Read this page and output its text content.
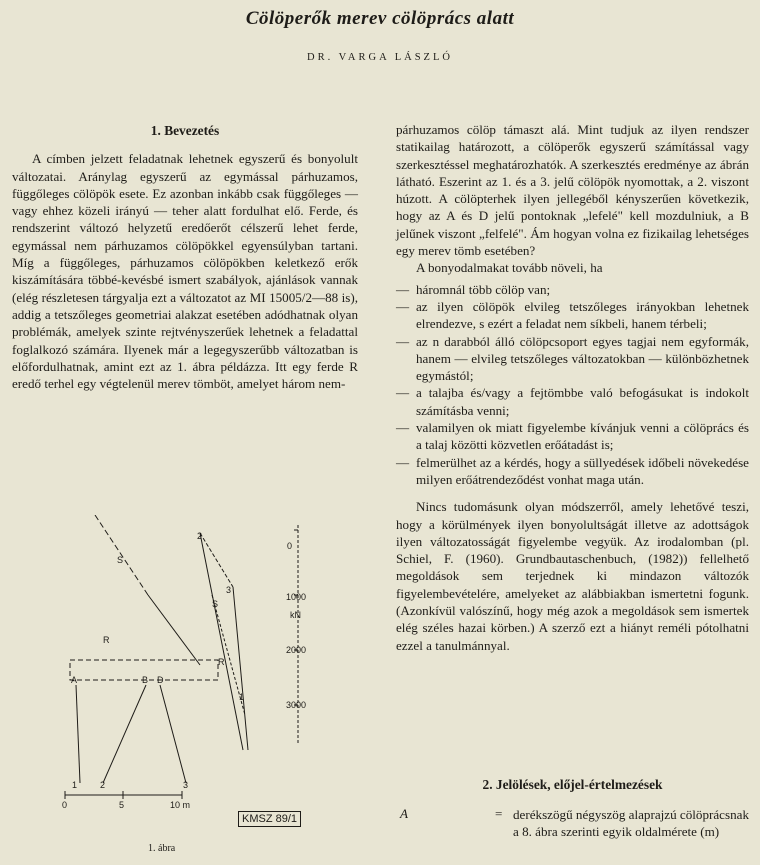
Cölöperők merev cölöprács alatt
DR. VARGA LÁSZLÓ
1. Bevezetés

A címben jelzett feladatnak lehetnek egyszerű és bonyolult változatai. Aránylag egyszerű az egymással párhuzamos, függőleges cölöpök esete. Ez azonban inkább csak függőleges — vagy ehhez közeli irányú — teher alatt fordulhat elő. Ferde, és rendszerint változó helyzetű eredőerőt célszerű lehet ferde, egymással nem párhuzamos cölöpökkel egyensúlyban tartani. Míg a függőleges, párhuzamos cölöpökben keletkező erők kiszámítására többé-kevésbé ismert szabályok, ajánlások vannak (elég részletesen tárgyalja ezt a változatot az MI 15005/2—88 is), addig a tetszőleges geometriai alakzat esetében adódhatnak olyan problémák, amelyek szinte rejtvényszerűek lehetnek a feladattal foglalkozó számára. Ilyenek már a legegyszerűbb változatban is előfordulhatnak, amint ezt az 1. ábra példázza. Itt egy ferde R eredő terhel egy végtelenül merev tömböt, amelyet három nem-

párhuzamos cölöp támaszt alá. Mint tudjuk az ilyen rendszer statikailag határozott, a cölöperők egyszerű számítással vagy szerkesztéssel meghatározhatók. A szerkesztés eredménye az ábrán látható. Eszerint az 1. és a 3. jelű cölöpök nyomottak, a 2. viszont húzott. A cölöpterhek ilyen jellegéből kényszerűen következik, hogy az A és D jelű pontoknak „lefelé" kell mozdulniuk, a B jelűnek viszont „felfelé". Ám hogyan volna ez fizikailag lehetséges egy merev tömb esetében?

A bonyodalmakat tovább növeli, ha

— háromnál több cölöp van;
— az ilyen cölöpök elvileg tetszőleges irányokban lehetnek elrendezve, s ezért a feladat nem síkbeli, hanem térbeli;
— az n darabból álló cölöpcsoport egyes tagjai nem egyformák, hanem — elvileg tetszőleges változatokban — különbözhetnek egymástól;
— a talajba és/vagy a fejtömbbe való befogásukat is indokolt számításba venni;
— valamilyen ok miatt figyelembe kívánjuk venni a cölöprács és a talaj közötti közvetlen erőátadást is;
— felmerülhet az a kérdés, hogy a süllyedések időbeli növekedése milyen erőátrendeződést vonhat maga után.

Nincs tudomásunk olyan módszerről, amely lehetővé teszi, hogy a körülmények ilyen bonyolultságát illetve az adottságok ilyen változatosságát figyelembe vegyük. Az irodalomban (pl. Schiel, F. (1960). Grundbautaschenbuch, (1982)) fellelhető megoldások sem terjednek ki mindazon változók figyelembevételére, amelyeket az alábbiakban ismertetni fogunk. (Azonkívül valószínű, hogy még azok a megoldások sem ismertek elég széles hazai körben.) A szerző ezt a hiányt reméli pótolhatni ezzel a tanulmánnyal.

S
R
A	B D
1	2	3
0	5	10 m
0
1000
kN
2000
3000
2
3
S
R
1
KMSZ 89/1
1. ábra
2. Jelölések, előjel-értelmezések
A	= derékszögű négyszög alaprajzú cölöprácsnak a 8. ábra szerinti egyik oldalmérete (m)
